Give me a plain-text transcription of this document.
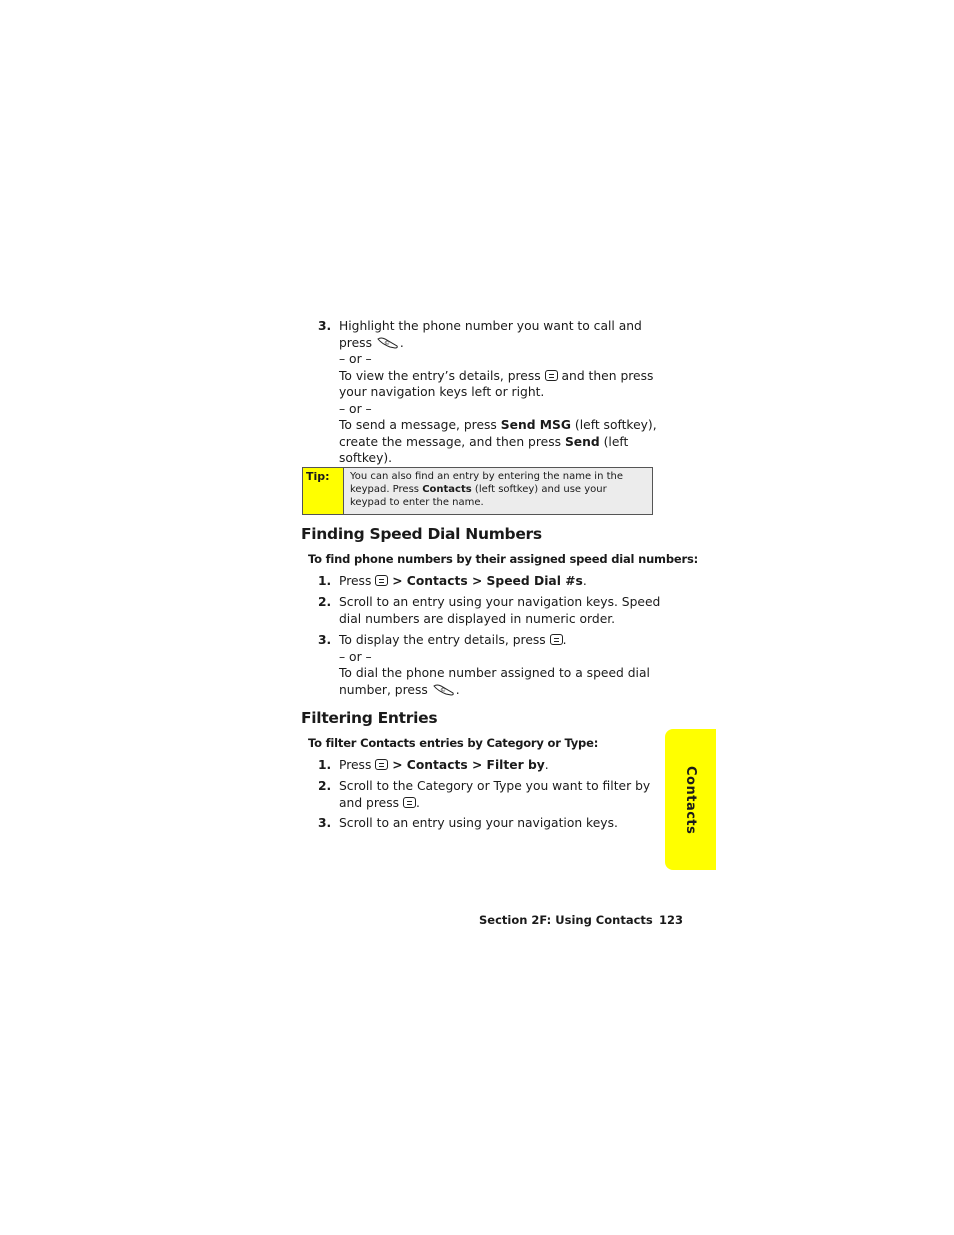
3. Highlight the phone number you want to call and
press © .
– or –
To view the entry’s details, press and then press your navigation keys left or right.
– or –
To send a message, press Send MSG (left softkey), create the message, and then press Send (left softkey).
Tip:	You can also find an entry by entering the name in the keypad. Press Contacts (left softkey) and use your keypad to enter the name.
Finding Speed Dial Numbers
To find phone numbers by their assigned speed dial numbers:
1. Press > Contacts > Speed Dial #s.
2. Scroll to an entry using your navigation keys. Speed dial numbers are displayed in numeric order.
3. To display the entry details, press .
– or –
To dial the phone number assigned to a speed dial number, press © .
Filtering Entries
To filter Contacts entries by Category or Type:
1. Press > Contacts > Filter by.
2. Scroll to the Category or Type you want to filter by and press .
3. Scroll to an entry using your navigation keys.	Contacts
Section 2F: Using Contacts 123
